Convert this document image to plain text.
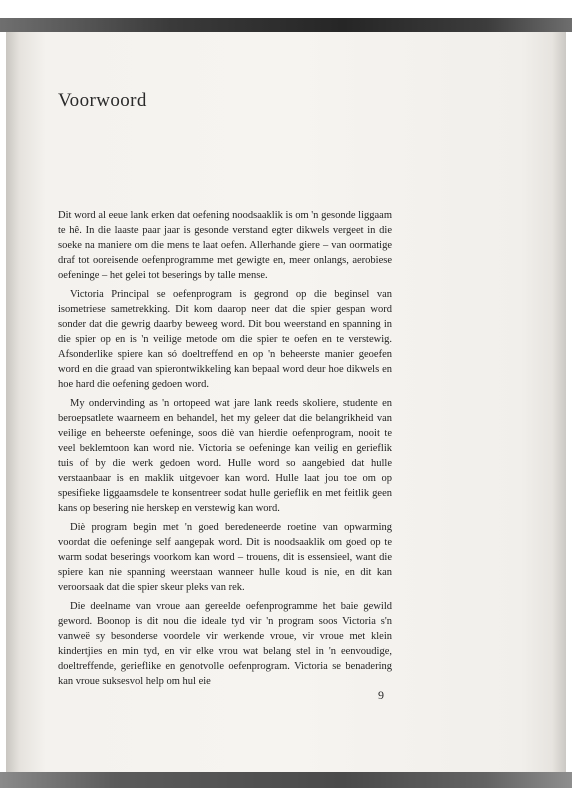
Voorwoord

Dit word al eeue lank erken dat oefening noodsaaklik is om 'n gesonde liggaam te hê. In die laaste paar jaar is gesonde verstand egter dikwels vergeet in die soeke na maniere om die mens te laat oefen. Allerhande giere – van oormatige draf tot ooreisende oefenprogramme met gewigte en, meer onlangs, aerobiese oefeninge – het gelei tot beserings by talle mense.

Victoria Principal se oefenprogram is gegrond op die beginsel van isometriese sametrekking. Dit kom daarop neer dat die spier gespan word sonder dat die gewrig daarby beweeg word. Dit bou weerstand en spanning in die spier op en is 'n veilige metode om die spier te oefen en te verstewig. Afsonderlike spiere kan só doeltreffend en op 'n beheerste manier geoefen word en die graad van spierontwikkeling kan bepaal word deur hoe dikwels en hoe hard die oefening gedoen word.

My ondervinding as 'n ortopeed wat jare lank reeds skoliere, studente en beroepsatlete waarneem en behandel, het my geleer dat die belangrikheid van veilige en beheerste oefeninge, soos diè van hierdie oefenprogram, nooit te veel beklemtoon kan word nie. Victoria se oefeninge kan veilig en gerieflik tuis of by die werk gedoen word. Hulle word so aangebied dat hulle verstaanbaar is en maklik uitgevoer kan word. Hulle laat jou toe om op spesifieke liggaamsdele te konsentreer sodat hulle gerieflik en met feitlik geen kans op besering nie herskep en verstewig kan word.

Diè program begin met 'n goed beredeneerde roetine van opwarming voordat die oefeninge self aangepak word. Dit is noodsaaklik om goed op te warm sodat beserings voorkom kan word – trouens, dit is essensieel, want die spiere kan nie spanning weerstaan wanneer hulle koud is nie, en dit kan veroorsaak dat die spier skeur pleks van rek.

Die deelname van vroue aan gereelde oefenprogramme het baie gewild geword. Boonop is dit nou die ideale tyd vir 'n program soos Victoria s'n vanweë sy besonderse voordele vir werkende vroue, vir vroue met klein kindertjies en min tyd, en vir elke vrou wat belang stel in 'n eenvoudige, doeltreffende, gerieflike en genotvolle oefenprogram. Victoria se benadering kan vroue suksesvol help om hul eie

9
